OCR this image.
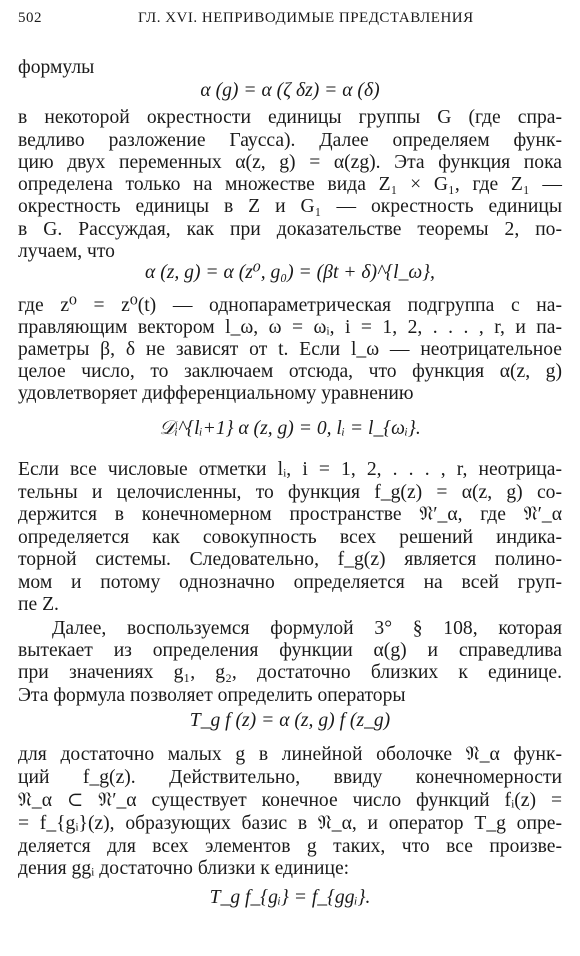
502	ГЛ. XVI. НЕПРИВОДИМЫЕ ПРЕДСТАВЛЕНИЯ
формулы
α (g) = α (ζ δz) = α (δ)
в некоторой окрестности единицы группы G (где спра-
ведливо разложение Гаусса). Далее определяем функ-
цию двух переменных α(z, g) = α(zg). Эта функция пока
определена только на множестве вида Z₁ × G₁, где Z₁ —
окрестность единицы в Z и G₁ — окрестность единицы
в G. Рассуждая, как при доказательстве теоремы 2, по-
лучаем, что
α (z, g) = α (z⁰, g₀) = (βt + δ)^{l_ω},
где z⁰ = z⁰(t) — однопараметрическая подгруппа с на-
правляющим вектором l_ω, ω = ωᵢ, i = 1, 2, . . . , r, и па-
раметры β, δ не зависят от t. Если l_ω — неотрицательное
целое число, то заключаем отсюда, что функция α(z, g)
удовлетворяет дифференциальному уравнению
𝒟ᵢ^{lᵢ+1} α (z, g) = 0, lᵢ = l_{ωᵢ}.
Если все числовые отметки lᵢ, i = 1, 2, . . . , r, неотрица-
тельны и целочисленны, то функция f_g(z) = α(z, g) со-
держится в конечномерном пространстве 𝔑′_α, где 𝔑′_α
определяется как совокупность всех решений индика-
торной системы. Следовательно, f_g(z) является полино-
мом и потому однозначно определяется на всей груп-
пе Z.
Далее, воспользуемся формулой 3° § 108, которая
вытекает из определения функции α(g) и справедлива
при значениях g₁, g₂, достаточно близких к единице.
Эта формула позволяет определить операторы
T_g f (z) = α (z, g) f (z_g)
для достаточно малых g в линейной оболочке 𝔑_α функ-
ций f_g(z). Действительно, ввиду конечномерности
𝔑_α ⊂ 𝔑′_α существует конечное число функций fᵢ(z) =
= f_{gᵢ}(z), образующих базис в 𝔑_α, и оператор T_g опре-
деляется для всех элементов g таких, что все произве-
дения ggᵢ достаточно близки к единице:
T_g f_{gᵢ} = f_{ggᵢ}.
